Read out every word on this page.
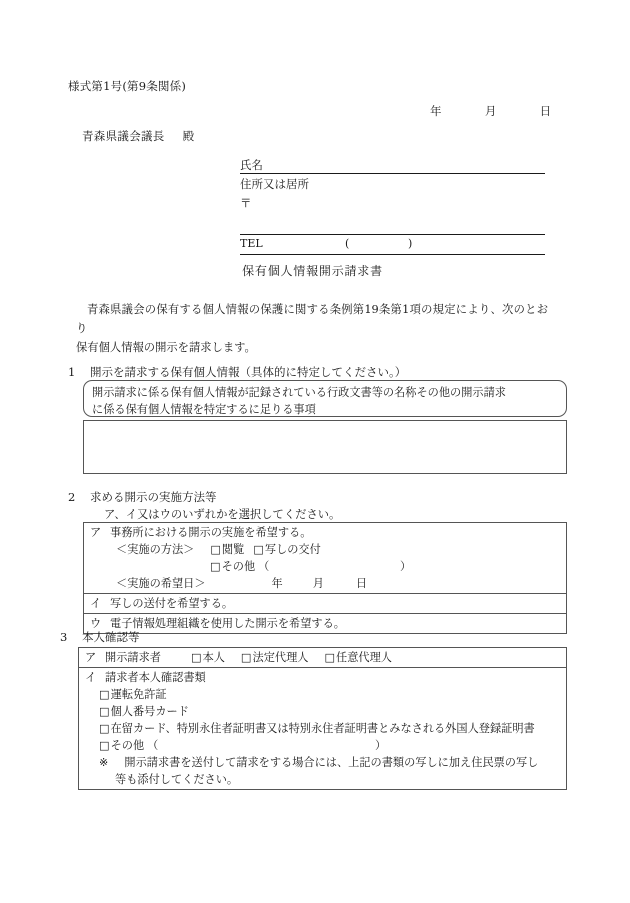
様式第1号(第9条関係)
年	月	日
青森県議会議長 殿
氏名
住所又は居所
〒
TEL	(	)
保有個人情報開示請求書
青森県議会の保有する個人情報の保護に関する条例第19条第1項の規定により、次のとおり
保有個人情報の開示を請求します。
1 開示を請求する保有個人情報（具体的に特定してください。）
開示請求に係る保有個人情報が記録されている行政文書等の名称その他の開示請求
に係る保有個人情報を特定するに足りる事項
2 求める開示の実施方法等
ア、イ又はウのいずれかを選択してください。
ア 事務所における開示の実施を希望する。
＜実施の方法＞ □閲覧 □写しの交付
□その他 （	）
＜実施の希望日＞	年	月	日
イ 写しの送付を希望する。
ウ 電子情報処理組織を使用した開示を希望する。
3 本人確認等
ア 開示請求者	□本人 □法定代理人 □任意代理人
イ 請求者本人確認書類
□運転免許証
□個人番号カード
□在留カード、特別永住者証明書又は特別永住者証明書とみなされる外国人登録証明書
□その他 （	）
※ 開示請求書を送付して請求をする場合には、上記の書類の写しに加え住民票の写し
等も添付してください。
